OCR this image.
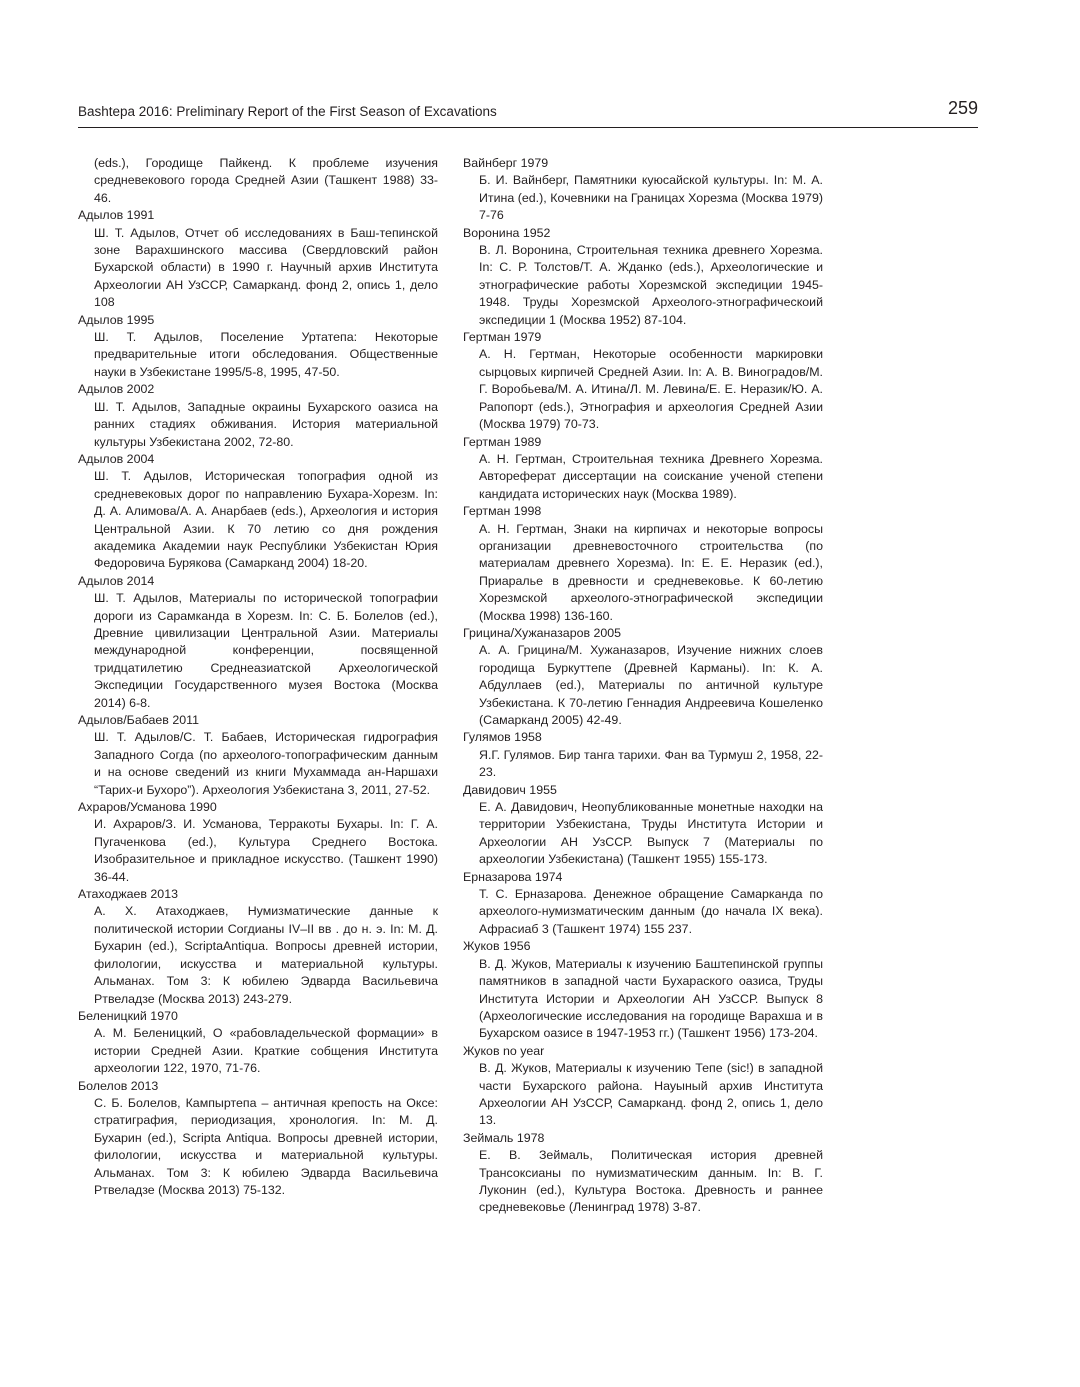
Bashtepa 2016: Preliminary Report of the First Season of Excavations	259
(eds.), Городище Пайкенд. К проблеме изучения средневекового города Средней Азии (Ташкент 1988) 33-46.
Адылов 1991
Ш. Т. Адылов, Отчет об исследованиях в Баш-тепинской зоне Варахшинского массива (Свердловский район Бухарской области) в 1990 г. Научный архив Института Археологии АН УзССР, Самарканд. фонд 2, опись 1, дело 108
Адылов 1995
Ш. Т. Адылов, Поселение Уртатепа: Некоторые предварительные итоги обследования. Общественные науки в Узбекистане 1995/5-8, 1995, 47-50.
Адылов 2002
Ш. Т. Адылов, Западные окраины Бухарского оазиса на ранних стадиях обживания. История материальной культуры Узбекистана 2002, 72-80.
Адылов 2004
Ш. Т. Адылов, Историческая топография одной из средневековых дорог по направлению Бухара-Хорезм. In: Д. А. Алимова/А. А. Анарбаев (eds.), Археология и история Центральной Азии. К 70 летию со дня рождения академика Академии наук Республики Узбекистан Юрия Федоровича Бурякова (Самарканд 2004) 18-20.
Адылов 2014
Ш. Т. Адылов, Материалы по исторической топографии дороги из Сарамканда в Хорезм. In: С. Б. Болелов (ed.), Древние цивилизации Центральной Азии. Материалы международной конференции, посвященной тридцатилетию Среднеазиатской Археологической Экспедиции Государственного музея Востока (Москва 2014) 6-8.
Адылов/Бабаев 2011
Ш. Т. Адылов/С. Т. Бабаев, Историческая гидрография Западного Согда (по археолого-топографическим данным и на основе сведений из книги Мухаммада ан-Наршахи “Тарих-и Бухоро”). Археология Узбекистана 3, 2011, 27-52.
Ахраров/Усманова 1990
И. Ахраров/З. И. Усманова, Терракоты Бухары. In: Г. А. Пугаченкова (ed.), Культура Среднего Востока. Изобразительное и прикладное искусство. (Ташкент 1990) 36-44.
Атаходжаев 2013
А. Х. Атаходжаев, Нумизматические данные к политической истории Согдианы IV–II вв . до н. э. In: М. Д. Бухарин (ed.), ScriptaAntiqua. Вопросы древней истории, филологии, искусства и материальной культуры. Альманах. Том 3: К юбилею Эдварда Васильевича Ртвеладзе (Москва 2013) 243-279.
Беленицкий 1970
А. М. Беленицкий, О «рабовладельческой формации» в истории Средней Азии. Краткие собщения Института археологии 122, 1970, 71-76.
Болелов 2013
С. Б. Болелов, Кампыртепа – античная крепость на Оксе: стратиграфия, периодизация, хронология. In: М. Д. Бухарин (ed.), Scripta Antiqua. Вопросы древней истории, филологии, искусства и материальной культуры. Альманах. Том 3: К юбилею Эдварда Васильевича Ртвеладзе (Москва 2013) 75-132.
Вайнберг 1979
Б. И. Вайнберг, Памятники куюсайской культуры. In: М. А. Итина (ed.), Кочевники на Границах Хорезма (Москва 1979) 7-76
Воронина 1952
В. Л. Воронина, Строительная техника древнего Хорезма. In: С. Р. Толстов/Т. А. Жданко (eds.), Археологические и этнографические работы Хорезмской экспедиции 1945-1948. Труды Хорезмской Археолого-этнографическоий экспедиции 1 (Москва 1952) 87-104.
Гертман 1979
А. Н. Гертман, Некоторые особенности маркировки сырцовых кирпичей Средней Азии. In: А. В. Виноградов/М. Г. Воробьева/М. А. Итина/Л. М. Левина/Е. Е. Неразик/Ю. А. Рапопорт (eds.), Этнография и археология Средней Азии (Москва 1979) 70-73.
Гертман 1989
А. Н. Гертман, Строительная техника Древнего Хорезма. Автореферат диссертации на соискание ученой степени кандидата исторических наук (Москва 1989).
Гертман 1998
А. Н. Гертман, Знаки на кирпичах и некоторые вопросы организации древневосточного строительства (по материалам древнего Хорезма). In: Е. Е. Неразик (ed.), Приаралье в древности и средневековье. К 60-летию Хорезмской археолого-этнографической экспедиции (Москва 1998) 136-160.
Грицина/Хужаназаров 2005
А. А. Грицина/М. Хужаназаров, Изучение нижних слоев городища Буркуттепе (Древней Карманы). In: К. А. Абдуллаев (ed.), Материалы по античной культуре Узбекистана. К 70-летию Геннадия Андреевича Кошеленко (Самарканд 2005) 42-49.
Гулямов 1958
Я.Г. Гулямов. Бир танга тарихи. Фан ва Турмуш 2, 1958, 22-23.
Давидович 1955
Е. А. Давидович, Неопубликованные монетные находки на территории Узбекистана, Труды Института Истории и Археологии АН УзССР. Выпуск 7 (Материалы по археологии Узбекистана) (Ташкент 1955) 155-173.
Ерназарова 1974
Т. С. Ерназарова. Денежное обращение Самарканда по археолого-нумизматическим данным (до начала IX века). Афрасиаб 3 (Ташкент 1974) 155 237.
Жуков 1956
В. Д. Жуков, Материалы к изучению Баштепинской группы памятников в западной части Бухараского оазиса, Труды Института Истории и Археологии АН УзССР. Выпуск 8 (Археологические исследования на городище Варахша и в Бухарском оазисе в 1947-1953 гг.) (Ташкент 1956) 173-204.
Жуков no year
В. Д. Жуков, Материалы к изучению Тепе (sic!) в западной части Бухарского района. Науыный архив Института Археологии АН УзССР, Самарканд. фонд 2, опись 1, дело 13.
Зеймаль 1978
Е. В. Зеймаль, Политическая история древней Трансоксианы по нумизматическим данным. In: В. Г. Луконин (ed.), Культура Востока. Древность и раннее средневековье (Ленинград 1978) 3-87.
